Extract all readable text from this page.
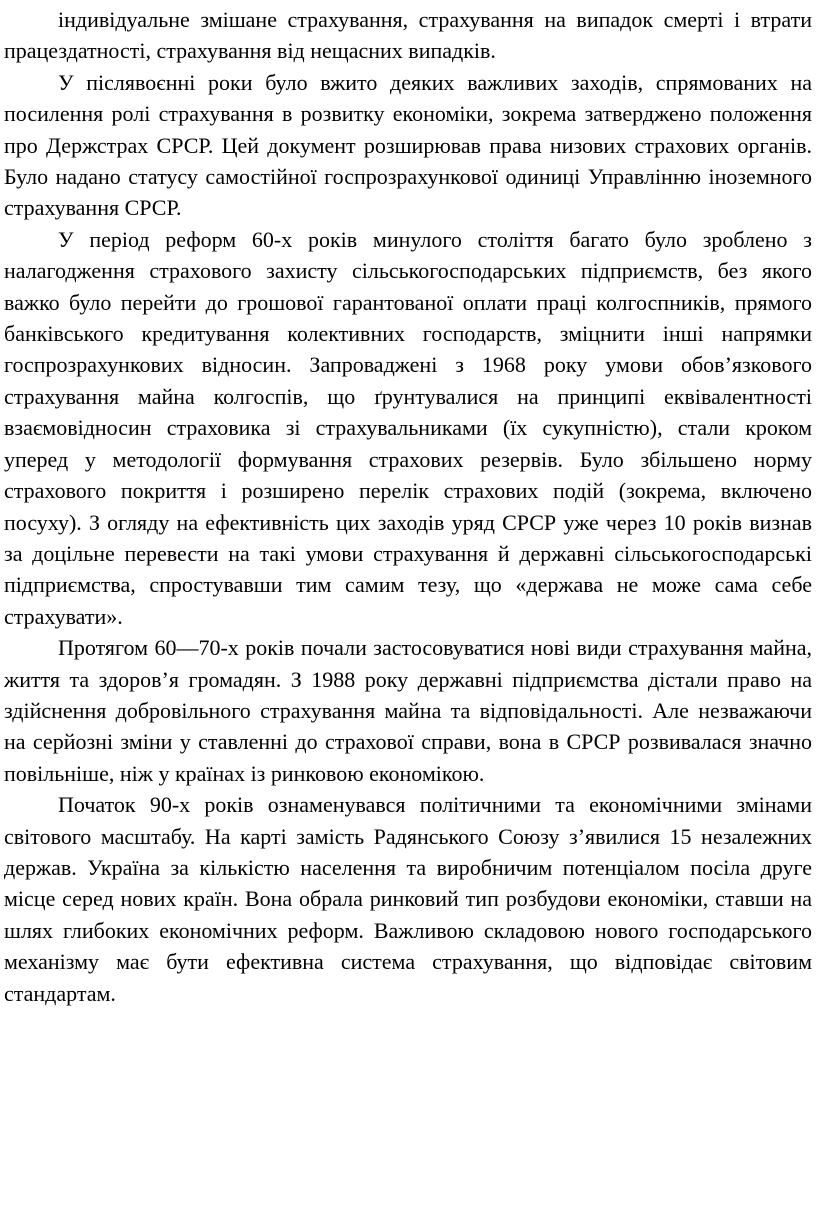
індивідуальне змішане страхування, страхування на випадок смерті і втрати працездатності, страхування від нещасних випадків.

У післявоєнні роки було вжито деяких важливих заходів, спрямованих на посилення ролі страхування в розвитку економіки, зокрема затверджено положення про Держстрах СРСР. Цей документ розширював права низових страхових органів. Було надано статусу самостійної госпрозрахункової одиниці Управлінню іноземного страхування СРСР.

У період реформ 60-х років минулого століття багато було зроблено з налагодження страхового захисту сільськогосподарських підприємств, без якого важко було перейти до грошової гарантованої оплати праці колгоспників, прямого банківського кредитування колективних господарств, зміцнити інші напрямки госпрозрахункових відносин. Запроваджені з 1968 року умови обов’язкового страхування майна колгоспів, що ґрунтувалися на принципі еквівалентності взаємовідносин страховика зі страхувальниками (їх сукупністю), стали кроком уперед у методології формування страхових резервів. Було збільшено норму страхового покриття і розширено перелік страхових подій (зокрема, включено посуху). З огляду на ефективність цих заходів уряд СРСР уже через 10 років визнав за доцільне перевести на такі умови страхування й державні сільськогосподарські підприємства, спростувавши тим самим тезу, що «держава не може сама себе страхувати».

Протягом 60—70-х років почали застосовуватися нові види страхування майна, життя та здоров’я громадян. З 1988 року державні підприємства дістали право на здійснення добровільного страхування майна та відповідальності. Але незважаючи на серйозні зміни у ставленні до страхової справи, вона в СРСР розвивалася значно повільніше, ніж у країнах із ринковою економікою.

Початок 90-х років ознаменувався політичними та економічними змінами світового масштабу. На карті замість Радянського Союзу з’явилися 15 незалежних держав. Україна за кількістю населення та виробничим потенціалом посіла друге місце серед нових країн. Вона обрала ринковий тип розбудови економіки, ставши на шлях глибоких економічних реформ. Важливою складовою нового господарського механізму має бути ефективна система страхування, що відповідає світовим стандартам.
